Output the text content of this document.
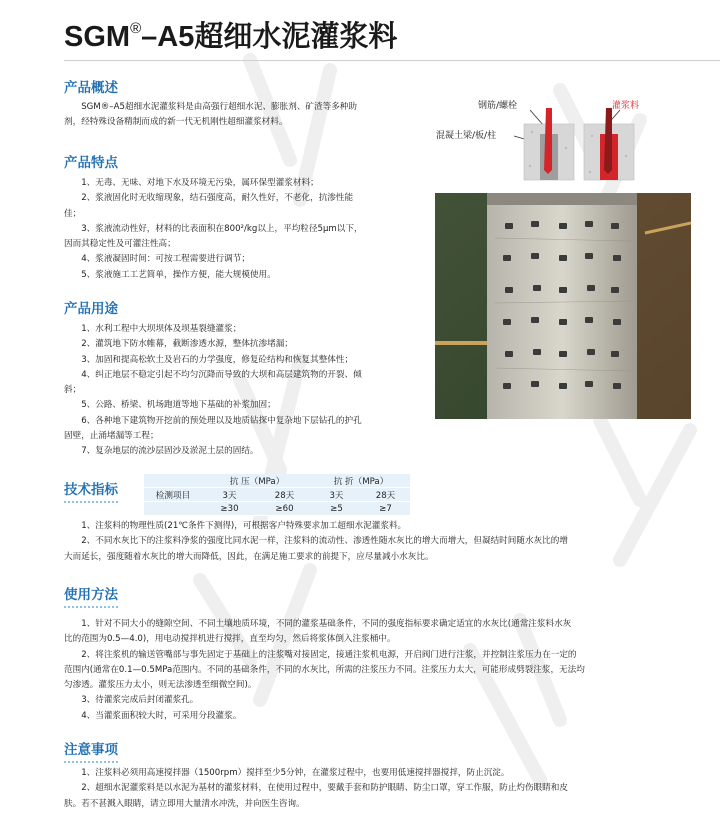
SGM®–A5超细水泥灌浆料
产品概述

SGM®–A5超细水泥灌浆料是由高强行超细水泥、膨胀剂、矿渣等多种助

剂，经特殊设备精制而成的新一代无机刚性超细灌浆材料。

产品特点

1、无毒、无味、对地下水及环境无污染，属环保型灌浆材料；

2、浆液固化时无收缩现象，结石强度高，耐久性好，不老化，抗渗性能

佳；

3、浆液流动性好，材料的比表面积在800²/kg以上，平均粒径5μm以下，

因而其稳定性及可灌注性高；

4、浆液凝固时间：可按工程需要进行调节；

5、浆液施工工艺简单，操作方便，能大规模使用。

产品用途

1、水利工程中大坝坝体及坝基裂缝灌浆；

2、灌筑地下防水帷幕，截断渗透水源，整体抗渗堵漏；

3、加固和提高松软土及岩石的力学强度，修复砼结构和恢复其整体性；

4、纠正地层不稳定引起不均匀沉降而导致的大坝和高层建筑物的开裂、倾

斜；

5、公路、桥梁、机场跑道等地下基础的补浆加固；

6、各种地下建筑物开挖前的预处理以及地质钻探中复杂地下层钻孔的护孔

固壁，止涌堵漏等工程；

7、复杂地层的流沙层固沙及淤泥土层的固结。

钢筋/螺栓	灌浆料
混凝土梁/板/柱
技术指标
	抗 压（MPa）		抗 折（MPa）	
检测项目	3天	28天	3天	28天
	≥30	≥60	≥5	≥7

1、注浆料的物理性质(21℃条件下测得)，可根据客户特殊要求加工超细水泥灌浆料。

2、不同水灰比下的注浆料净浆的强度比同水泥一样，注浆料的流动性、渗透性随水灰比的增大而增大，但凝结时间随水灰比的增

大而延长，强度随着水灰比的增大而降低，因此，在满足施工要求的前提下，应尽量减小水灰比。

使用方法

1、针对不同大小的缝隙空间、不同土壤地质环境，不同的灌浆基础条件，不同的强度指标要求确定适宜的水灰比(通常注浆料水灰

比的范围为0.5—4.0)，用电动搅拌机进行搅拌，直至均匀，然后将浆体倒入注浆桶中。

2、将注浆机的输送管嘴部与事先固定于基础上的注浆嘴对接固定，接通注浆机电源，开启阀门进行注浆，并控制注浆压力在一定的

范围内(通常在0.1—0.5MPa范围内。不同的基础条件，不同的水灰比，所需的注浆压力不同。注浆压力太大，可能形成劈裂注浆，无法均

匀渗透。灌浆压力太小，则无法渗透至细微空间)。

3、待灌浆完成后封闭灌浆孔。

4、当灌浆面积较大时，可采用分段灌浆。

注意事项

1、注浆料必须用高速搅拌器（1500rpm）搅拌至少5分钟，在灌浆过程中，也要用低速搅拌器搅拌，防止沉淀。

2、超细水泥灌浆料是以水泥为基材的灌浆材料，在使用过程中，要戴手套和防护眼睛、防尘口罩，穿工作服，防止灼伤眼睛和皮

肤。若不甚溅入眼睛，请立即用大量清水冲洗，并向医生咨询。
